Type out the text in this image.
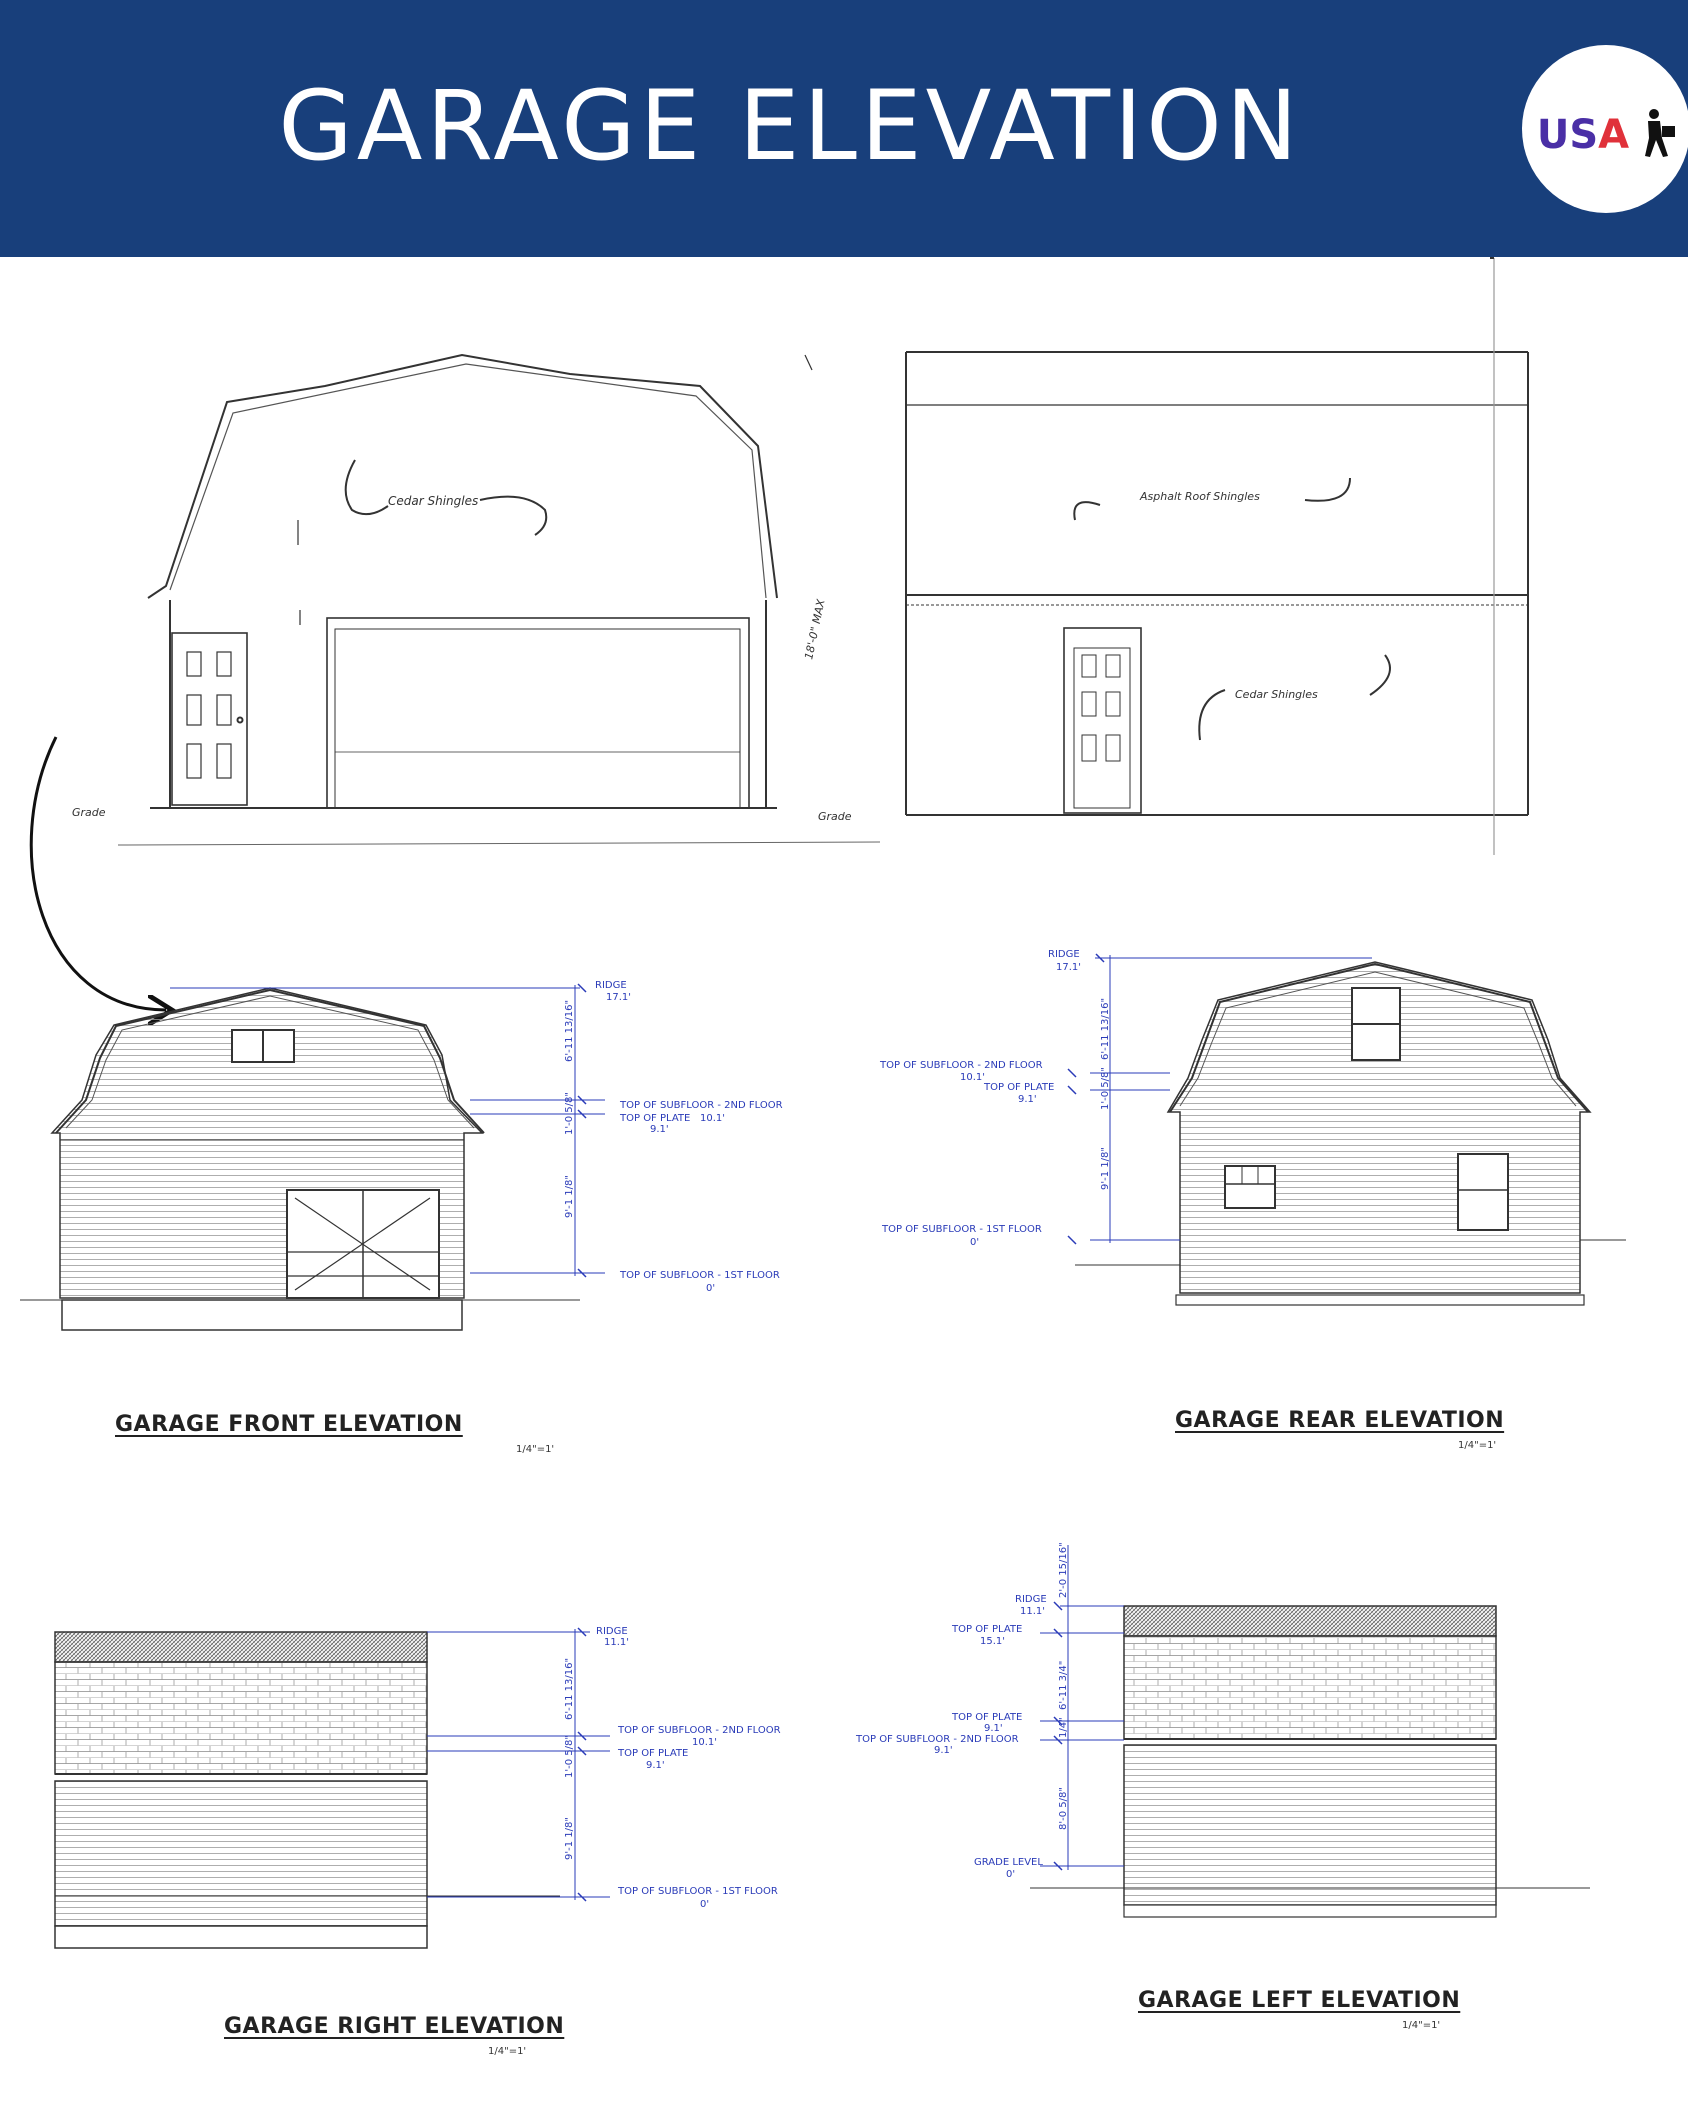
GARAGE ELEVATION	USA
Cedar Shingles
Grade	Grade
18'-0" MAX
Asphalt Roof Shingles
Cedar Shingles
RIDGE
17.1'
TOP OF SUBFLOOR - 2ND FLOOR
TOP OF PLATE 10.1'
9.1'
TOP OF SUBFLOOR - 1ST FLOOR
0'
6'-11 13/16"
1'-0 5/8"
9'-1 1/8"
RIDGE
17.1'
TOP OF SUBFLOOR - 2ND FLOOR
10.1'
TOP OF PLATE
9.1'
TOP OF SUBFLOOR - 1ST FLOOR
0'
6'-11 13/16"
1'-0 5/8"
9'-1 1/8"
RIDGE
11.1'
TOP OF SUBFLOOR - 2ND FLOOR
10.1'
TOP OF PLATE
9.1'
TOP OF SUBFLOOR - 1ST FLOOR
0'
6'-11 13/16"
1'-0 5/8"
9'-1 1/8"
RIDGE
11.1'
TOP OF PLATE
15.1'
TOP OF PLATE
9.1'
TOP OF SUBFLOOR - 2ND FLOOR
9.1'
GRADE LEVEL
0'
2'-0 15/16"
6'-11 3/4"
1/4"
8'-0 5/8"
GARAGE FRONT ELEVATION
1/4"=1'
GARAGE REAR ELEVATION
1/4"=1'
GARAGE RIGHT ELEVATION
1/4"=1'
GARAGE LEFT ELEVATION
1/4"=1'
